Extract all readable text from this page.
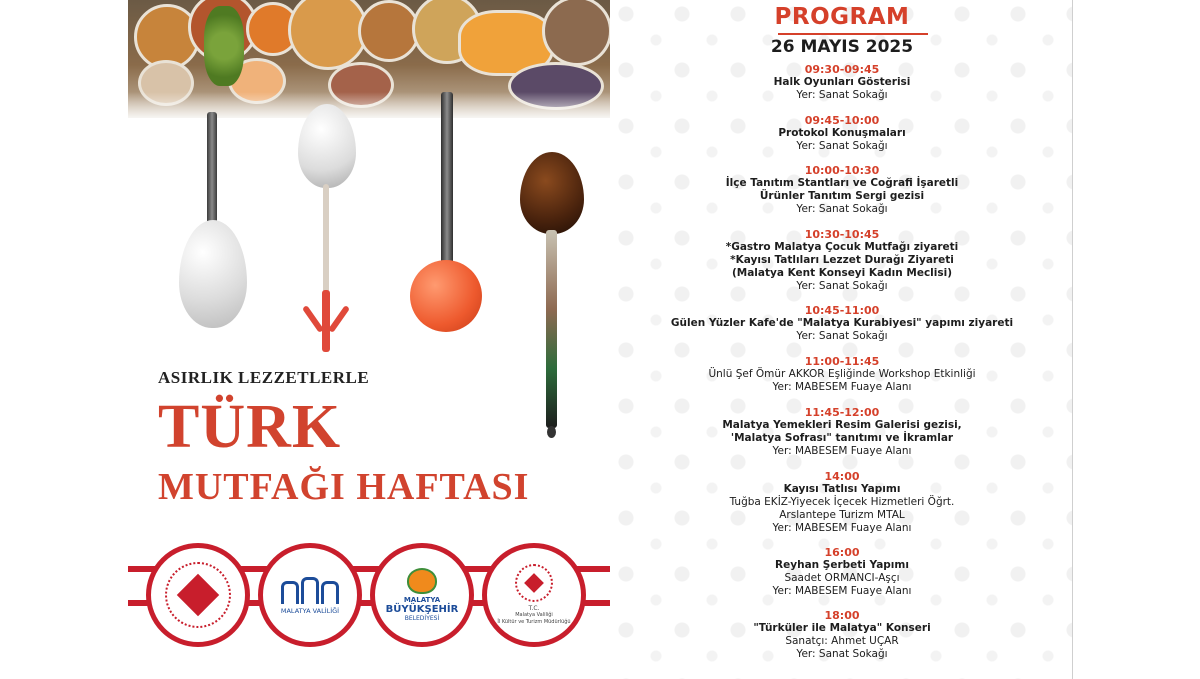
ASIRLIK LEZZETLERLE
TÜRK
MUTFAĞI HAFTASI
MALATYA VALİLİĞİ
MALATYA
BÜYÜKŞEHİR
BELEDİYESİ
T.C.
Malatya Valiliği
İl Kültür ve Turizm Müdürlüğü
PROGRAM
26 MAYIS 2025
09:30-09:45
Halk Oyunları Gösterisi
Yer: Sanat Sokağı
09:45-10:00
Protokol Konuşmaları
Yer: Sanat Sokağı
10:00-10:30
İlçe Tanıtım Stantları ve Coğrafi İşaretli
Ürünler Tanıtım Sergi gezisi
Yer: Sanat Sokağı
10:30-10:45
*Gastro Malatya Çocuk Mutfağı ziyareti
*Kayısı Tatlıları Lezzet Durağı Ziyareti
(Malatya Kent Konseyi Kadın Meclisi)
Yer: Sanat Sokağı
10:45-11:00
Gülen Yüzler Kafe'de "Malatya Kurabiyesi" yapımı ziyareti
Yer: Sanat Sokağı
11:00-11:45
Ünlü Şef Ömür AKKOR Eşliğinde Workshop Etkinliği
Yer: MABESEM Fuaye Alanı
11:45-12:00
Malatya Yemekleri Resim Galerisi gezisi,
'Malatya Sofrası" tanıtımı ve İkramlar
Yer: MABESEM Fuaye Alanı
14:00
Kayısı Tatlısı Yapımı
Tuğba EKİZ-Yiyecek İçecek Hizmetleri Öğrt.
Arslantepe Turizm MTAL
Yer: MABESEM Fuaye Alanı
16:00
Reyhan Şerbeti Yapımı
Saadet ORMANCI-Aşçı
Yer: MABESEM Fuaye Alanı
18:00
"Türküler ile Malatya" Konseri
Sanatçı: Ahmet UÇAR
Yer: Sanat Sokağı
